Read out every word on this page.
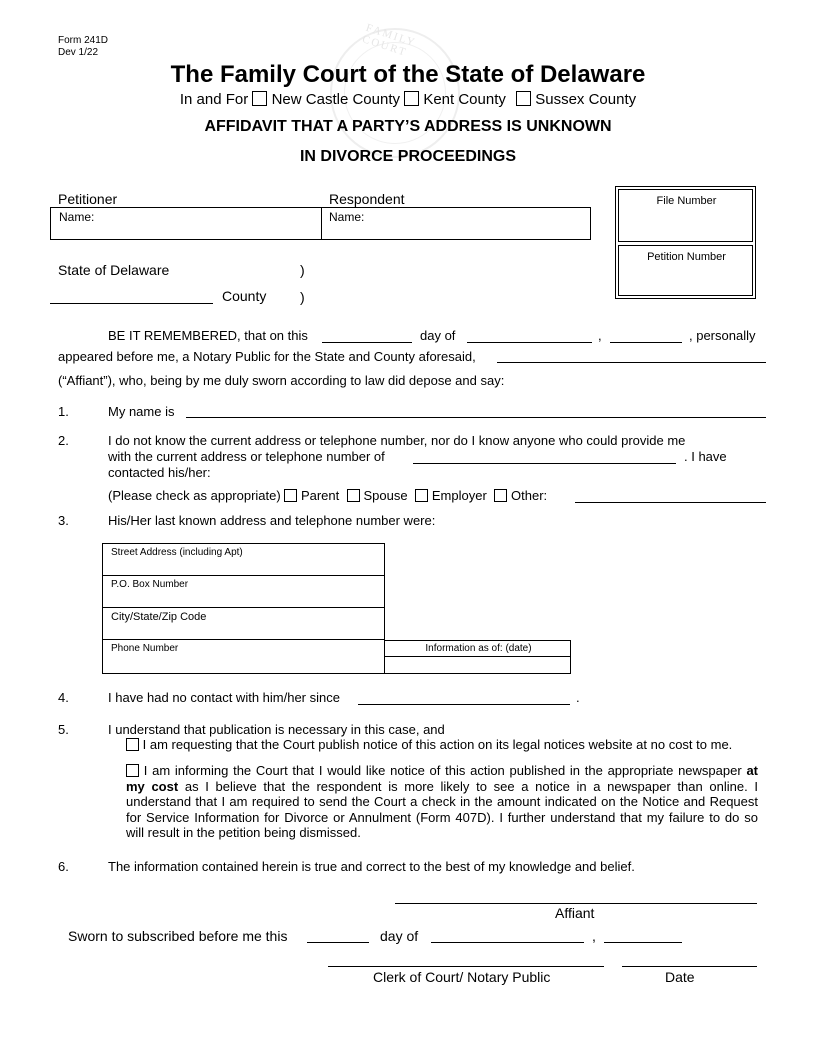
FAMILY COURT
Form 241D
Dev 1/22
The Family Court of the State of Delaware
In and For New Castle County Kent County Sussex County
AFFIDAVIT THAT A PARTY’S ADDRESS IS UNKNOWN
IN DIVORCE PROCEEDINGS
Petitioner	Respondent
Name:	Name:
File Number
Petition Number
State of Delaware	)
County )
BE IT REMEMBERED, that on this	day of	,	, personally
appeared before me, a Notary Public for the State and County aforesaid,
(“Affiant”), who, being by me duly sworn according to law did depose and say:
1.	My name is
2.	I do not know the current address or telephone number, nor do I know anyone who could provide me
with the current address or telephone number of	. I have
contacted his/her:
(Please check as appropriate) Parent Spouse Employer Other:
3.	His/Her last known address and telephone number were:
Street Address (including Apt)
P.O. Box Number
City/State/Zip Code
Phone Number	Information as of: (date)
4.	I have had no contact with him/her since	.
5.	I understand that publication is necessary in this case, and
I am requesting that the Court publish notice of this action on its legal notices website at no cost to me.
I am informing the Court that I would like notice of this action published in the appropriate newspaper at my cost as I believe that the respondent is more likely to see a notice in a newspaper than online. I understand that I am required to send the Court a check in the amount indicated on the Notice and Request for Service Information for Divorce or Annulment (Form 407D). I further understand that my failure to do so will result in the petition being dismissed.
6.	The information contained herein is true and correct to the best of my knowledge and belief.
Affiant
Sworn to subscribed before me this	day of	,
Clerk of Court/ Notary Public	Date
